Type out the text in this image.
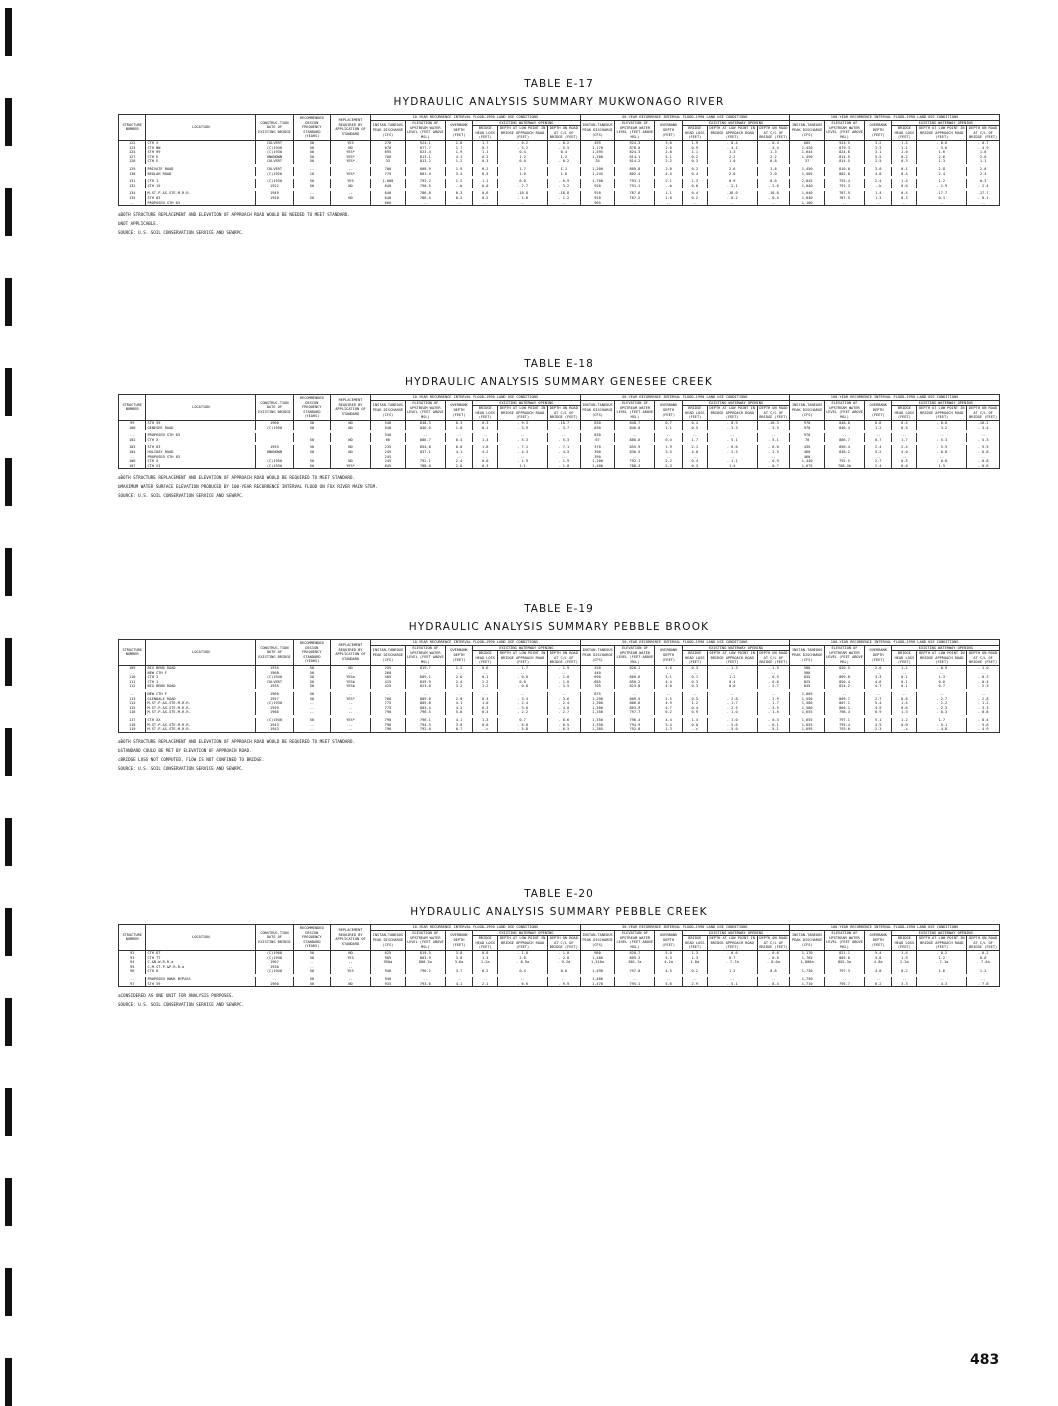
TABLE E-17
HYDRAULIC ANALYSIS SUMMARY MUKWONAGO RIVER
STRUCTURE NUMBER	LOCATION	CONSTRUC-TION DATE OF EXISTING BRIDGE	RECOMMENDED DESIGN FREQUENCY STANDARD (YEARS)	REPLACEMENT REQUIRED BY APPLICATION OF STANDARD	10-YEAR RECURRENCE INTERVAL FLOOD—1990 LAND USE CONDITIONS						50-YEAR RECURRENCE INTERVAL FLOOD—1990 LAND USE CONDITIONS						100-YEAR RECURRENCE INTERVAL FLOOD—1990 LAND USE CONDITIONS					
					INSTAN-TANEOUS PEAK DISCHARGE (CFS)	ELEVATION OF UPSTREAM WATER LEVEL (FEET ABOVE MSL)	OVERBANK DEPTH (FEET)	EXISTING WATERWAY OPENING			INSTAN-TANEOUS PEAK DISCHARGE (CFS)	ELEVATION OF UPSTREAM WATER LEVEL (FEET ABOVE MSL)	OVERBANK DEPTH (FEET)	EXISTING WATERWAY OPENING			INSTAN-TANEOUS PEAK DISCHARGE (CFS)	ELEVATION OF UPSTREAM WATER LEVEL (FEET ABOVE MSL)	OVERBANK DEPTH (FEET)	EXISTING WATERWAY OPENING		
								BRIDGE HEAD LOSS (FEET)	DEPTH AT LOW POINT IN BRIDGE APPROACH ROAD (FEET)	DEPTH ON ROAD AT C/L OF BRIDGE (FEET)				BRIDGE HEAD LOSS (FEET)	DEPTH AT LOW POINT IN BRIDGE APPROACH ROAD (FEET)	DEPTH ON ROAD AT C/L OF BRIDGE (FEET)				BRIDGE HEAD LOSS (FEET)	DEPTH AT LOW POINT IN BRIDGE APPROACH ROAD (FEET)	DEPTH ON ROAD AT C/L OF BRIDGE (FEET)
122	CTH X	CULVERT	50	YES	270	924.1	2.8	1.7	- 0.2	- 0.2	495	924.3	3.0	1.9	- 0.4	- 0.4	605	924.5	3.2	1.5	- 0.6	- 0.7
123	CTH NN	(C)1940	50	NO	670	877.7	1.7	0.7	- 5.2	- 5.5	1,170	878.0	2.0	0.9	- 4.1	- 4.4	1,420	879.3	3.3	1.1	- 3.6	- 4.9
124	STH 99	(C)1930	50	YES*	695	823.4	1.9	1.1	0.4	0.4	1,595	824.3	2.8	1.1	1.3	1.3	1,644	824.6	3.1	1.0	1.6	1.6
127	CTH E	UNKNOWN	50	YES*	700	813.1	4.1	0.2	1.2	1.2	1,200	814.1	5.1	0.2	2.2	2.2	1,450	814.5	5.5	0.2	2.6	2.6
128	CTH E	CULVERT	50	YES*	33	813.2	1.2	0.3	0.0	- 0.2	35	814.2	2.2	0.3	1.0	0.8	37	814.5	2.5	0.3	1.3	1.1

129	PRIVATE ROAD	CULVERT	--	--	700	808.9	1.9	0.2	1.7	1.1	1,200	809.8	2.8	0.2	2.6	1.8	1,450	810.0	3.0	0.1	2.8	2.0
130	BEULAH ROAD	(C)1920	10	YES*	775	801.4	3.4	0.5	1.0	1.0	1,245	802.4	4.4	0.4	2.0	2.0	1,505	802.8	4.8	0.4	2.4	2.4

131	CTH I	(C)1930	50	YES	1,000	792.2	1.2	1.1	0.0	- 0.9	1,700	793.1	2.1	1.3	0.9	0.0	2,045	793.4	2.4	1.4	1.2	0.3
132	STH 15	1922	50	NO	640	790.5	--b	0.0	- 2.7	- 3.2	920	791.1	--b	0.0	- 2.1	- 2.6	1,040	791.3	--b	0.0	- 1.9	- 2.4

134	M.ST.P.&S.STE.M.R.R.	1949	--	--	640	786.8	0.3	0.6	-18.8	-18.8	920	787.6	1.1	0.4	-18.0	-18.0	1,040	787.9	1.4	0.4	-17.7	-17.7
135	STH 83	1920	50	NO	640	786.4	0.2	0.2	- 1.0	- 1.2	920	787.2	1.0	0.2	- 0.2	- 0.4	1,040	787.5	1.3	0.3	0.1	- 0.1
--	PROPOSED STH 83				660	--	--	--	--	--	965	--	--	--	--	--	1,100	--	--	--	--	--
aBOTH STRUCTURE REPLACEMENT AND ELEVATION OF APPROACH ROAD WOULD BE NEEDED TO MEET STANDARD.
bNOT APPLICABLE.
SOURCE: U.S. SOIL CONSERVATION SERVICE AND SEWRPC.
TABLE E-18
HYDRAULIC ANALYSIS SUMMARY GENESEE CREEK
STRUCTURE NUMBER	LOCATION	CONSTRUC-TION DATE OF EXISTING BRIDGE	RECOMMENDED DESIGN FREQUENCY STANDARD (YEARS)	REPLACEMENT REQUIRED BY APPLICATION OF STANDARD	10-YEAR RECURRENCE INTERVAL FLOOD—1990 LAND USE CONDITIONS						50-YEAR RECURRENCE INTERVAL FLOOD—1990 LAND USE CONDITIONS						100-YEAR RECURRENCE INTERVAL FLOOD—1990 LAND USE CONDITIONS					
					INSTAN-TANEOUS PEAK DISCHARGE (CFS)	ELEVATION OF UPSTREAM WATER LEVEL (FEET ABOVE MSL)	OVERBANK DEPTH (FEET)	EXISTING WATERWAY OPENING			INSTAN-TANEOUS PEAK DISCHARGE (CFS)	ELEVATION OF UPSTREAM WATER LEVEL (FEET ABOVE MSL)	OVERBANK DEPTH (FEET)	EXISTING WATERWAY OPENING			INSTAN-TANEOUS PEAK DISCHARGE (CFS)	ELEVATION OF UPSTREAM WATER LEVEL (FEET ABOVE MSL)	OVERBANK DEPTH (FEET)	EXISTING WATERWAY OPENING		
								BRIDGE HEAD LOSS (FEET)	DEPTH AT LOW POINT IN BRIDGE APPROACH ROAD (FEET)	DEPTH ON ROAD AT C/L OF BRIDGE (FEET)				BRIDGE HEAD LOSS (FEET)	DEPTH AT LOW POINT IN BRIDGE APPROACH ROAD (FEET)	DEPTH ON ROAD AT C/L OF BRIDGE (FEET)				BRIDGE HEAD LOSS (FEET)	DEPTH AT LOW POINT IN BRIDGE APPROACH ROAD (FEET)	DEPTH ON ROAD AT C/L OF BRIDGE (FEET)
99	STH 59	1960	50	NO	540	848.3	0.3	0.3	- 9.3	-10.7	830	848.7	0.7	0.4	- 8.9	-10.3	970	848.8	0.8	0.4	- 8.8	-10.2
100	GENESEE ROAD	(C)1950	50	NO	540	846.0	1.0	0.1	- 3.9	- 3.7	830	846.8	1.1	0.5	- 3.3	- 3.5	970	846.4	1.2	0.5	- 3.2	- 3.4

--	PROPOSED STH 83				540	--	--	--	--	--	830	--	--	--	--	--	970	--	--	--	--	--
102	CTH X		50	NO	66	886.7	0.4	1.4	- 5.3	- 5.3	67	886.6	0.4	1.7	- 5.1	- 5.1	70	886.7	0.7	1.7	- 5.3	- 5.3

103	STH 83	1955	50	NO	235	854.8	0.8	1.8	- 7.1	- 7.1	370	855.9	1.9	2.1	- 6.0	- 6.0	435	856.4	2.4	2.4	- 5.5	- 5.5
104	HOLIDAY ROAD	UNKNOWN	50	NO	245	837.1	4.1	4.2	- 4.3	- 4.3	390	836.5	3.5	4.0	- 2.5	- 2.5	460	838.2	5.2	4.0	- 0.8	- 0.8
--	PROPOSED STH 83				245	--	--	--	--	--	390	--	--	--	--	--	460	--	--	--	--	--
106	CTH X	(C)1950	50	NO	245	792.1	2.4	0.0	- 1.9	- 1.9	1,200	792.1	2.2	0.4	- 1.1	- 0.9	1,440	792.5	2.7	0.5	- 0.8	- 0.8
107	CTH XI	(C)1930	50	YES*	845	788.0	2.0	0.3	1.1	- 1.0	1,400	788.3	2.3	0.3	1.4	- 0.7	1,675	788.4b	2.4	0.0	1.5	- 0.6
aBOTH STRUCTURE REPLACEMENT AND ELEVATION OF APPROACH ROAD WOULD BE REQUIRED TO MEET STANDARD.
bMAXIMUM WATER SURFACE ELEVATION PRODUCED BY 100-YEAR RECURRENCE INTERVAL FLOOD ON FOX RIVER MAIN STEM.
SOURCE: U.S. SOIL CONSERVATION SERVICE AND SEWRPC.
TABLE E-19
HYDRAULIC ANALYSIS SUMMARY PEBBLE BROOK
STRUCTURE NUMBER	LOCATION	CONSTRUC-TION DATE OF EXISTING BRIDGE	RECOMMENDED DESIGN FREQUENCY STANDARD (YEARS)	REPLACEMENT REQUIRED BY APPLICATION OF STANDARD	10-YEAR RECURRENCE INTERVAL FLOOD—1990 LAND USE CONDITIONS						50-YEAR RECURRENCE INTERVAL FLOOD—1990 LAND USE CONDITIONS						100-YEAR RECURRENCE INTERVAL FLOOD—1990 LAND USE CONDITIONS					
					INSTAN-TANEOUS PEAK DISCHARGE (CFS)	ELEVATION OF UPSTREAM WATER LEVEL (FEET ABOVE MSL)	OVERBANK DEPTH (FEET)	EXISTING WATERWAY OPENING			INSTAN-TANEOUS PEAK DISCHARGE (CFS)	ELEVATION OF UPSTREAM WATER LEVEL (FEET ABOVE MSL)	OVERBANK DEPTH (FEET)	EXISTING WATERWAY OPENING			INSTAN-TANEOUS PEAK DISCHARGE (CFS)	ELEVATION OF UPSTREAM WATER LEVEL (FEET ABOVE MSL)	OVERBANK DEPTH (FEET)	EXISTING WATERWAY OPENING		
								BRIDGE HEAD LOSS (FEET)	DEPTH AT LOW POINT IN BRIDGE APPROACH ROAD (FEET)	DEPTH ON ROAD AT C/L OF BRIDGE (FEET)				BRIDGE HEAD LOSS (FEET)	DEPTH AT LOW POINT IN BRIDGE APPROACH ROAD (FEET)	DEPTH ON ROAD AT C/L OF BRIDGE (FEET)				BRIDGE HEAD LOSS (FEET)	DEPTH AT LOW POINT IN BRIDGE APPROACH ROAD (FEET)	DEPTH ON ROAD AT C/L OF BRIDGE (FEET)
109	BIG BEND ROAD	1935	50	NO	255	819.7	1.2	0.6	- 1.7	- 1.9	420	820.1	1.6	0.3	- 1.3	- 1.5	500	820.5	2.0	1.1	- 0.9	- 1.0
--	NEW CTH F	1968	50	--	260	--	--	--	--	--	440	--	--	--	--	--	500	--	--	--	--	--
110	CTH I	(C)1940	50	YESa	405	809.1	2.6	0.1	- 0.6	- 1.0	690	809.6	3.1	0.1	1.1	- 0.5	835	809.8	3.3	0.1	1.3	- 0.3
111	CTH I	CULVERT	50	YESb	415	849.9	2.4	2.2	0.0	- 1.0	685	850.2	4.4	0.3	0.4	- 0.6	825	850.4	4.6	0.1	0.6	- 0.4
112	BIG BEND ROAD	1935	50	YESb	425	823.0	3.2	1.2	- 0.8	- 3.5	705	823.8	4.0	0.3	0.0	- 2.7	845	824.2	4.7	0.1	0.7	- 2.3

--	NEW CTH F	1968	50	--	--	--	--	--	--	--	875	--	--	--	--	--	1,065	--	--	--	--	--
113	GLENDALE ROAD	1957	50	YES*	760	809.0	2.0	0.3	- 3.4	- 3.6	1,290	809.5	2.5	0.5	- 2.8	- 2.9	1,550	809.7	2.7	0.6	- 2.7	- 2.8
114	M.ST.P.&S.STE.M.R.R.	(C)1930	--	--	775	805.8	4.1	1.0	- 2.4	- 2.4	1,300	806.6	4.9	1.2	- 1.7	- 1.7	1,580	807.1	5.4	1.4	- 1.2	- 1.2
115	M.ST.P.&S.STE.M.R.R.	1959	--	--	775	803.4	4.2	0.3	- 3.0	- 4.0	1,300	803.9	4.7	0.4	- 2.5	- 3.5	1,580	804.1	4.9	0.6	- 2.3	- 3.3
116	M.ST.P.&S.STE.M.R.R.	1960	--	--	790	796.5	5.0	0.4	- 2.2	- 2.7	1,350	797.7	6.2	0.9	- 1.0	- 1.5	1,655	798.4	6.9	1.3	- 0.3	- 0.8

117	CTH XX	(C)1940	50	YES*	790	796.1	4.1	1.3	0.7	- 0.6	1,350	796.4	4.4	1.4	- 1.0	- 0.3	1,655	797.1	5.1	1.2	1.7	- 0.4
118	M.ST.P.&S.STE.M.R.R.	1943	--	--	790	794.5	3.0	0.0	- 6.0	- 6.5	1,350	794.9	3.4	0.0	- 5.6	- 6.1	1,655	795.4	3.9	0.0	- 5.1	- 5.6
119	M.ST.P.&S.STE.M.R.R.	1943	--	--	790	792.0	0.7	--c	- 5.8	- 6.3	1,385	792.8	1.3	--c	- 5.0	- 5.1	1,695	793.0	2.3	--c	- 4.8	- 4.9
aBOTH STRUCTURE REPLACEMENT AND ELEVATION OF APPROACH ROAD WOULD BE REQUIRED TO MEET STANDARD.
bSTANDARD COULD BE MET BY ELEVATION OF APPROACH ROAD.
cBRIDGE LOSS NOT COMPUTED, FLOW IS NOT CONFINED TO BRIDGE.
SOURCE: U.S. SOIL CONSERVATION SERVICE AND SEWRPC.
TABLE E-20
HYDRAULIC ANALYSIS SUMMARY PEBBLE CREEK
STRUCTURE NUMBER	LOCATION	CONSTRUC-TION DATE OF EXISTING BRIDGE	RECOMMENDED DESIGN FREQUENCY STANDARD (YEARS)	REPLACEMENT REQUIRED BY APPLICATION OF STANDARD	10-YEAR RECURRENCE INTERVAL FLOOD—1990 LAND USE CONDITIONS						50-YEAR RECURRENCE INTERVAL FLOOD—1990 LAND USE CONDITIONS						100-YEAR RECURRENCE INTERVAL FLOOD—1990 LAND USE CONDITIONS					
					INSTAN-TANEOUS PEAK DISCHARGE (CFS)	ELEVATION OF UPSTREAM WATER LEVEL (FEET ABOVE MSL)	OVERBANK DEPTH (FEET)	EXISTING WATERWAY OPENING			INSTAN-TANEOUS PEAK DISCHARGE (CFS)	ELEVATION OF UPSTREAM WATER LEVEL (FEET ABOVE MSL)	OVERBANK DEPTH (FEET)	EXISTING WATERWAY OPENING			INSTAN-TANEOUS PEAK DISCHARGE (CFS)	ELEVATION OF UPSTREAM WATER LEVEL (FEET ABOVE MSL)	OVERBANK DEPTH (FEET)	EXISTING WATERWAY OPENING		
								BRIDGE HEAD LOSS (FEET)	DEPTH AT LOW POINT IN BRIDGE APPROACH ROAD (FEET)	DEPTH ON ROAD AT C/L OF BRIDGE (FEET)				BRIDGE HEAD LOSS (FEET)	DEPTH AT LOW POINT IN BRIDGE APPROACH ROAD (FEET)	DEPTH ON ROAD AT C/L OF BRIDGE (FEET)				BRIDGE HEAD LOSS (FEET)	DEPTH AT LOW POINT IN BRIDGE APPROACH ROAD (FEET)	DEPTH ON ROAD AT C/L OF BRIDGE (FEET)
92	CTH DT	(C)1960	50	NO	625	819.5	3.8	0.8	- 1.8	- 1.8	980	820.7	5.0	1.3	- 0.6	- 0.6	1,170	821.1	5.4	1.4	- 0.2	- 0.2
93	CTH TT	(C)1940	50	YES	905	803.9	3.8	1.3	2.8	- 2.8	1,480	805.3	5.3	1.3	0.7	- 0.5	1,765	805.8	5.8	1.9	1.2	0.0
94	C.&N.W.R.R.a	1907	--	--	950a	800.5a	3.6a	1.2a	- 8.9a	- 9.2a	1,510a	801.7a	4.2a	1.8a	- 7.7a	- 8.0a	1,800a	802.3a	4.8a	2.2a	- 7.1a	- 7.4a
95	C.M.ST.P.&P.R.R.a	1930	--	--																		
96	CTH D	(C)1940	50	YES	940	796.2	3.7	0.2	0.4	0.0	1,490	797.0	4.5	0.2	1.2	0.8	1,730	797.3	4.8	0.2	1.6	1.2

--	PROPOSED HWUK BYPASS	--	50	--	940	--	--	--	--	--	1,480	--	--	--	--	--	1,750	--	--	--	--	--
97	STH 59	1960	50	NO	933	793.6	4.1	2.1	- 6.6	- 9.9	1,470	795.1	5.6	2.9	- 5.1	- 8.4	1,710	795.7	6.2	3.3	- 4.3	- 7.8
aCONSIDERED AS ONE UNIT FOR ANALYSIS PURPOSES.
SOURCE: U.S. SOIL CONSERVATION SERVICE AND SEWRPC.
483
